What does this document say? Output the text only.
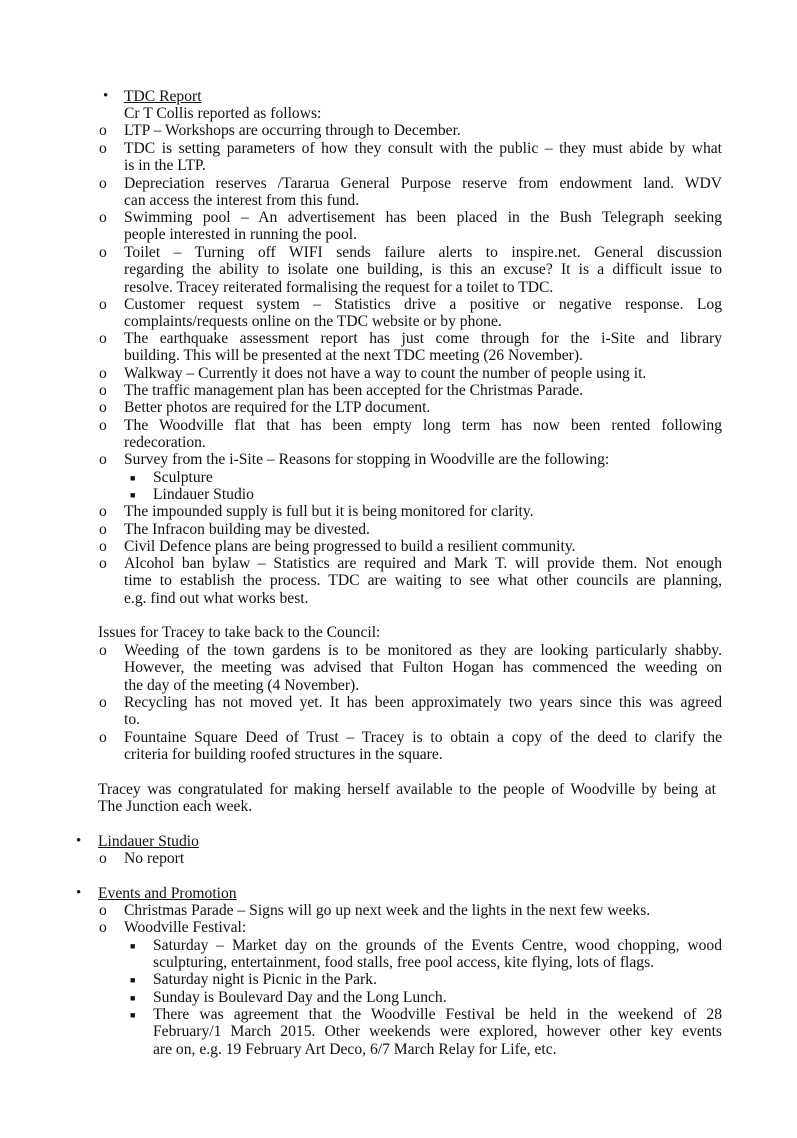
• TDC Report
Cr T Collis reported as follows:
o LTP – Workshops are occurring through to December.
o TDC is setting parameters of how they consult with the public – they must abide by what
is in the LTP.
o Depreciation reserves /Tararua General Purpose reserve from endowment land. WDV
can access the interest from this fund.
o Swimming pool – An advertisement has been placed in the Bush Telegraph seeking
people interested in running the pool.
o Toilet – Turning off WIFI sends failure alerts to inspire.net. General discussion
regarding the ability to isolate one building, is this an excuse? It is a difficult issue to
resolve. Tracey reiterated formalising the request for a toilet to TDC.
o Customer request system – Statistics drive a positive or negative response. Log
complaints/requests online on the TDC website or by phone.
o The earthquake assessment report has just come through for the i-Site and library
building. This will be presented at the next TDC meeting (26 November).
o Walkway – Currently it does not have a way to count the number of people using it.
o The traffic management plan has been accepted for the Christmas Parade.
o Better photos are required for the LTP document.
o The Woodville flat that has been empty long term has now been rented following
redecoration.
o Survey from the i-Site – Reasons for stopping in Woodville are the following:
■ Sculpture
■ Lindauer Studio
o The impounded supply is full but it is being monitored for clarity.
o The Infracon building may be divested.
o Civil Defence plans are being progressed to build a resilient community.
o Alcohol ban bylaw – Statistics are required and Mark T. will provide them. Not enough
time to establish the process. TDC are waiting to see what other councils are planning,
e.g. find out what works best.
Issues for Tracey to take back to the Council:
o Weeding of the town gardens is to be monitored as they are looking particularly shabby.
However, the meeting was advised that Fulton Hogan has commenced the weeding on
the day of the meeting (4 November).
o Recycling has not moved yet. It has been approximately two years since this was agreed
to.
o Fountaine Square Deed of Trust – Tracey is to obtain a copy of the deed to clarify the
criteria for building roofed structures in the square.
Tracey was congratulated for making herself available to the people of Woodville by being at
The Junction each week.
• Lindauer Studio
o No report
• Events and Promotion
o Christmas Parade – Signs will go up next week and the lights in the next few weeks.
o Woodville Festival:
■ Saturday – Market day on the grounds of the Events Centre, wood chopping, wood
sculpturing, entertainment, food stalls, free pool access, kite flying, lots of flags.
■ Saturday night is Picnic in the Park.
■ Sunday is Boulevard Day and the Long Lunch.
■ There was agreement that the Woodville Festival be held in the weekend of 28
February/1 March 2015. Other weekends were explored, however other key events
are on, e.g. 19 February Art Deco, 6/7 March Relay for Life, etc.
